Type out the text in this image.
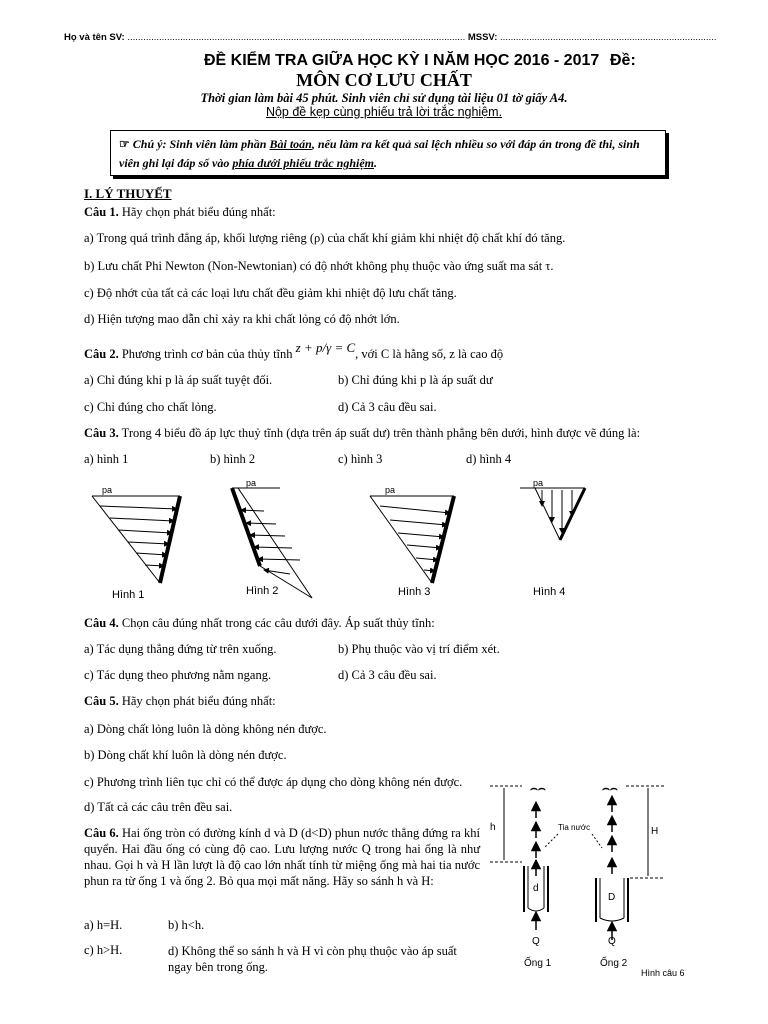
Họ và tên SV: ................................................................................................................................ MSSV: ..................................................................................
ĐỀ KIỂM TRA GIỮA HỌC KỲ I NĂM HỌC 2016 - 2017 Đề:
MÔN CƠ LƯU CHẤT
Thời gian làm bài 45 phút. Sinh viên chỉ sử dụng tài liệu 01 tờ giấy A4.
Nộp đề kẹp cùng phiếu trả lời trắc nghiệm.
☞ Chú ý: Sinh viên làm phần Bài toán, nếu làm ra kết quả sai lệch nhiều so với đáp án trong đề thi, sinh viên ghi lại đáp số vào phía dưới phiếu trắc nghiệm.
I. LÝ THUYẾT
Câu 1. Hãy chọn phát biểu đúng nhất:
a) Trong quá trình đẳng áp, khối lượng riêng (ρ) của chất khí giảm khi nhiệt độ chất khí đó tăng.
b) Lưu chất Phi Newton (Non-Newtonian) có độ nhớt không phụ thuộc vào ứng suất ma sát τ.
c) Độ nhớt của tất cả các loại lưu chất đều giảm khi nhiệt độ lưu chất tăng.
d) Hiện tượng mao dẫn chỉ xảy ra khi chất lỏng có độ nhớt lớn.
Câu 2. Phương trình cơ bản của thủy tĩnh z + p/γ = C, với C là hằng số, z là cao độ
a) Chỉ đúng khi p là áp suất tuyệt đối.	b) Chỉ đúng khi p là áp suất dư
c) Chỉ đúng cho chất lỏng.	d) Cả 3 câu đều sai.
Câu 3. Trong 4 biểu đồ áp lực thuỷ tĩnh (dựa trên áp suất dư) trên thành phẳng bên dưới, hình được vẽ đúng là:
a) hình 1	b) hình 2	c) hình 3	d) hình 4
pa
pa
pa
pa
Hình 1	Hình 2	Hình 3	Hình 4
Câu 4. Chọn câu đúng nhất trong các câu dưới đây. Áp suất thủy tĩnh:
a) Tác dụng thẳng đứng từ trên xuống.	b) Phụ thuộc vào vị trí điểm xét.
c) Tác dụng theo phương nằm ngang.	d) Cả 3 câu đều sai.
Câu 5. Hãy chọn phát biểu đúng nhất:
a) Dòng chất lỏng luôn là dòng không nén được.
b) Dòng chất khí luôn là dòng nén được.
c) Phương trình liên tục chỉ có thể được áp dụng cho dòng không nén được.
d) Tất cả các câu trên đều sai.
Câu 6. Hai ống tròn có đường kính d và D (d<D) phun nước thẳng đứng ra khí quyển. Hai đầu ống có cùng độ cao. Lưu lượng nước Q trong hai ống là như nhau. Gọi h và H lần lượt là độ cao lớn nhất tính từ miệng ống mà hai tia nước phun ra từ ống 1 và ống 2. Bỏ qua mọi mất năng. Hãy so sánh h và H:
a) h=H.	b) h<h.
c) h>H.	d) Không thể so sánh h và H vì còn phụ thuộc vào áp suất ngay bên trong ống.
h
⌢⌢
d
Q
Ống 1
Tia nước
⌢⌢
D
Q
Ống 2
H
Hình câu 6
